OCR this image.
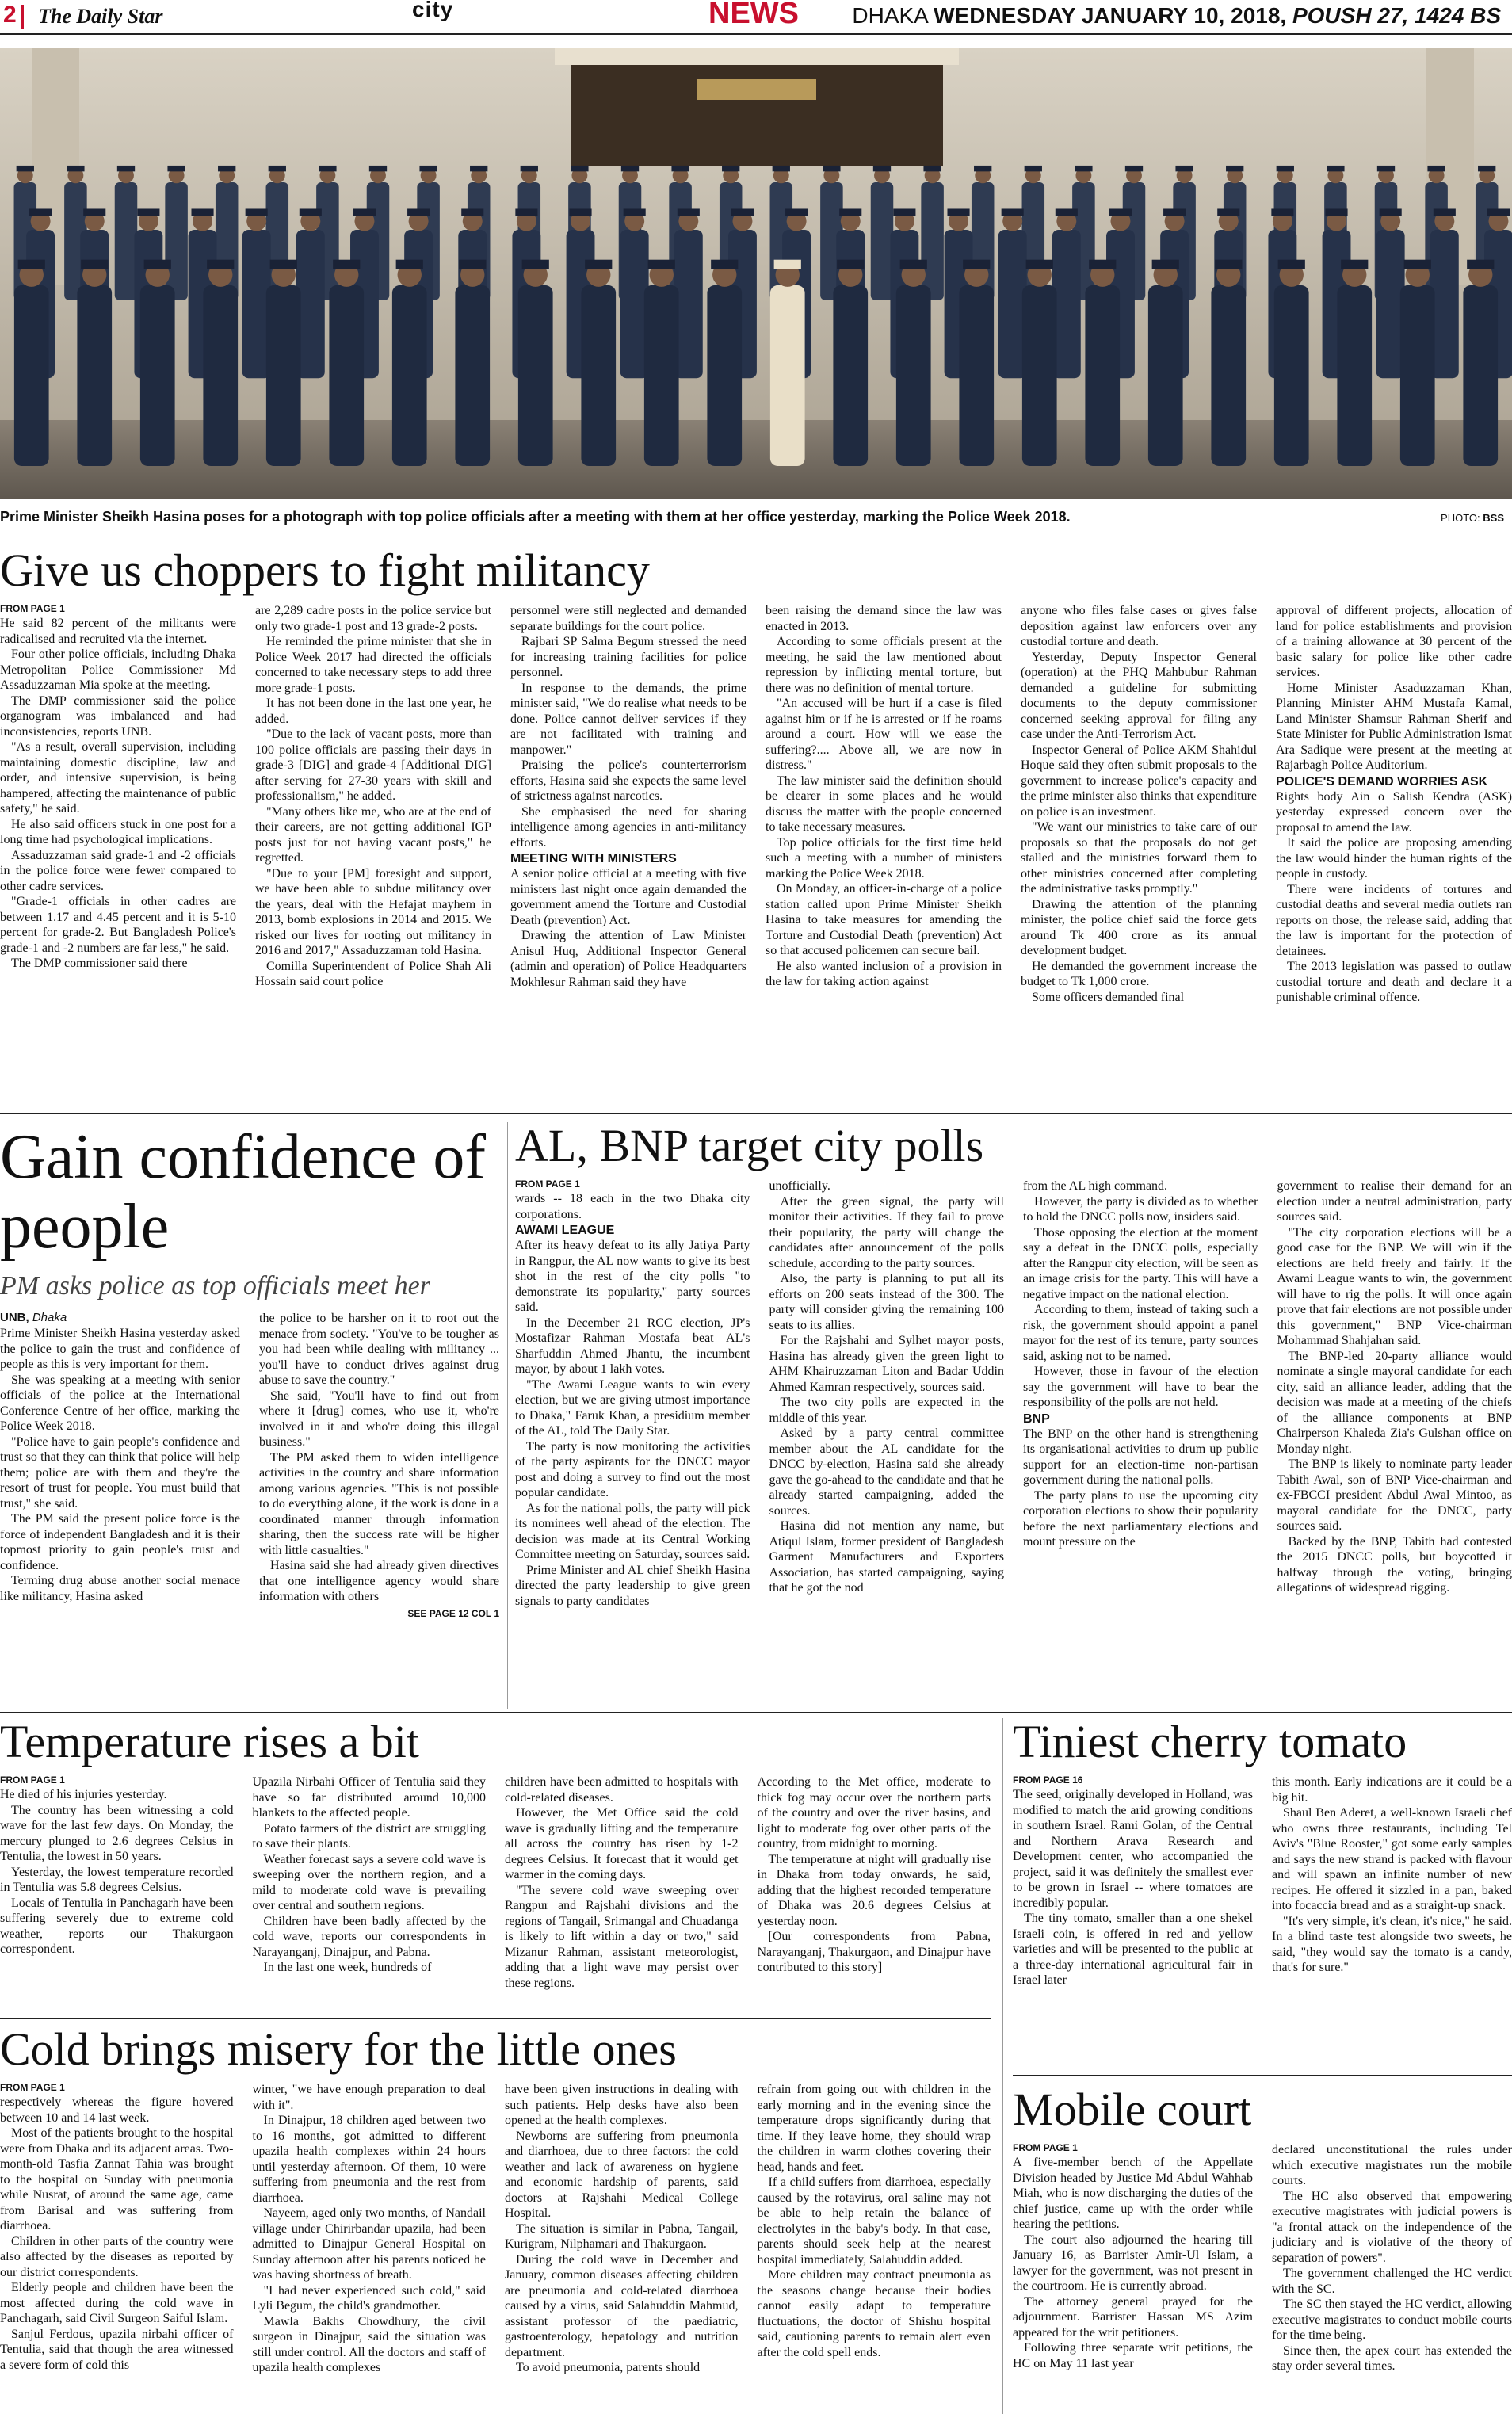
2 The Daily Star	city	NEWS DHAKA WEDNESDAY JANUARY 10, 2018, POUSH 27, 1424 BS
Prime Minister Sheikh Hasina poses for a photograph with top police officials after a meeting with them at her office yesterday, marking the Police Week 2018.	PHOTO: BSS
Give us choppers to fight militancy
FROM PAGE 1

He said 82 percent of the militants were radicalised and recruited via the internet.

Four other police officials, including Dhaka Metropolitan Police Commissioner Md Assaduzzaman Mia spoke at the meeting.

The DMP commissioner said the police organogram was imbalanced and had inconsistencies, reports UNB.

"As a result, overall supervision, including maintaining domestic discipline, law and order, and intensive supervision, is being hampered, affecting the maintenance of public safety," he said.

He also said officers stuck in one post for a long time had psychological implications.

Assaduzzaman said grade-1 and -2 officials in the police force were fewer compared to other cadre services.

"Grade-1 officials in other cadres are between 1.17 and 4.45 percent and it is 5-10 percent for grade-2. But Bangladesh Police's grade-1 and -2 numbers are far less," he said.

The DMP commissioner said there

are 2,289 cadre posts in the police service but only two grade-1 post and 13 grade-2 posts.

He reminded the prime minister that she in Police Week 2017 had directed the officials concerned to take necessary steps to add three more grade-1 posts.

It has not been done in the last one year, he added.

"Due to the lack of vacant posts, more than 100 police officials are passing their days in grade-3 [DIG] and grade-4 [Additional DIG] after serving for 27-30 years with skill and professionalism," he added.

"Many others like me, who are at the end of their careers, are not getting additional IGP posts just for not having vacant posts," he regretted.

"Due to your [PM] foresight and support, we have been able to subdue militancy over the years, deal with the Hefajat mayhem in 2013, bomb explosions in 2014 and 2015. We risked our lives for rooting out militancy in 2016 and 2017," Assaduzzaman told Hasina.

Comilla Superintendent of Police Shah Ali Hossain said court police

personnel were still neglected and demanded separate buildings for the court police.

Rajbari SP Salma Begum stressed the need for increasing training facilities for police personnel.

In response to the demands, the prime minister said, "We do realise what needs to be done. Police cannot deliver services if they are not facilitated with training and manpower."

Praising the police's counterterrorism efforts, Hasina said she expects the same level of strictness against narcotics.

She emphasised the need for sharing intelligence among agencies in anti-militancy efforts.

MEETING WITH MINISTERS

A senior police official at a meeting with five ministers last night once again demanded the government amend the Torture and Custodial Death (prevention) Act.

Drawing the attention of Law Minister Anisul Huq, Additional Inspector General (admin and operation) of Police Headquarters Mokhlesur Rahman said they have

been raising the demand since the law was enacted in 2013.

According to some officials present at the meeting, he said the law mentioned about repression by inflicting mental torture, but there was no definition of mental torture.

"An accused will be hurt if a case is filed against him or if he is arrested or if he roams around a court. How will we ease the suffering?.... Above all, we are now in distress."

The law minister said the definition should be clearer in some places and he would discuss the matter with the people concerned to take necessary measures.

Top police officials for the first time held such a meeting with a number of ministers marking the Police Week 2018.

On Monday, an officer-in-charge of a police station called upon Prime Minister Sheikh Hasina to take measures for amending the Torture and Custodial Death (prevention) Act so that accused policemen can secure bail.

He also wanted inclusion of a provision in the law for taking action against

anyone who files false cases or gives false deposition against law enforcers over any custodial torture and death.

Yesterday, Deputy Inspector General (operation) at the PHQ Mahbubur Rahman demanded a guideline for submitting documents to the deputy commissioner concerned seeking approval for filing any case under the Anti-Terrorism Act.

Inspector General of Police AKM Shahidul Hoque said they often submit proposals to the government to increase police's capacity and the prime minister also thinks that expenditure on police is an investment.

"We want our ministries to take care of our proposals so that the proposals do not get stalled and the ministries forward them to other ministries concerned after completing the administrative tasks promptly."

Drawing the attention of the planning minister, the police chief said the force gets around Tk 400 crore as its annual development budget.

He demanded the government increase the budget to Tk 1,000 crore.

Some officers demanded final

approval of different projects, allocation of land for police establishments and provision of a training allowance at 30 percent of the basic salary for police like other cadre services.

Home Minister Asaduzzaman Khan, Planning Minister AHM Mustafa Kamal, Land Minister Shamsur Rahman Sherif and State Minister for Public Administration Ismat Ara Sadique were present at the meeting at Rajarbagh Police Auditorium.

POLICE'S DEMAND WORRIES ASK

Rights body Ain o Salish Kendra (ASK) yesterday expressed concern over the proposal to amend the law.

It said the police are proposing amending the law would hinder the human rights of the people in custody.

There were incidents of tortures and custodial deaths and several media outlets ran reports on those, the release said, adding that the law is important for the protection of detainees.

The 2013 legislation was passed to outlaw custodial torture and death and declare it a punishable criminal offence.

Gain confidence of people
PM asks police as top officials meet her
UNB, Dhaka

Prime Minister Sheikh Hasina yesterday asked the police to gain the trust and confidence of people as this is very important for them.

She was speaking at a meeting with senior officials of the police at the International Conference Centre of her office, marking the Police Week 2018.

"Police have to gain people's confidence and trust so that they can think that police will help them; police are with them and they're the resort of trust for people. You must build that trust," she said.

The PM said the present police force is the force of independent Bangladesh and it is their topmost priority to gain people's trust and confidence.

Terming drug abuse another social menace like militancy, Hasina asked

the police to be harsher on it to root out the menace from society. "You've to be tougher as you had been while dealing with militancy ... you'll have to conduct drives against drug abuse to save the country."

She said, "You'll have to find out from where it [drug] comes, who use it, who're involved in it and who're doing this illegal business."

The PM asked them to widen intelligence activities in the country and share information among various agencies. "This is not possible to do everything alone, if the work is done in a coordinated manner through information sharing, then the success rate will be higher with little casualties."

Hasina said she had already given directives that one intelligence agency would share information with others

SEE PAGE 12 COL 1
AL, BNP target city polls
FROM PAGE 1

wards -- 18 each in the two Dhaka city corporations.

AWAMI LEAGUE

After its heavy defeat to its ally Jatiya Party in Rangpur, the AL now wants to give its best shot in the rest of the city polls "to demonstrate its popularity," party sources said.

In the December 21 RCC election, JP's Mostafizar Rahman Mostafa beat AL's Sharfuddin Ahmed Jhantu, the incumbent mayor, by about 1 lakh votes.

"The Awami League wants to win every election, but we are giving utmost importance to Dhaka," Faruk Khan, a presidium member of the AL, told The Daily Star.

The party is now monitoring the activities of the party aspirants for the DNCC mayor post and doing a survey to find out the most popular candidate.

As for the national polls, the party will pick its nominees well ahead of the election. The decision was made at its Central Working Committee meeting on Saturday, sources said.

Prime Minister and AL chief Sheikh Hasina directed the party leadership to give green signals to party candidates

unofficially.

After the green signal, the party will monitor their activities. If they fail to prove their popularity, the party will change the candidates after announcement of the polls schedule, according to the party sources.

Also, the party is planning to put all its efforts on 200 seats instead of the 300. The party will consider giving the remaining 100 seats to its allies.

For the Rajshahi and Sylhet mayor posts, Hasina has already given the green light to AHM Khairuzzaman Liton and Badar Uddin Ahmed Kamran respectively, sources said.

The two city polls are expected in the middle of this year.

Asked by a party central committee member about the AL candidate for the DNCC by-election, Hasina said she already gave the go-ahead to the candidate and that he already started campaigning, added the sources.

Hasina did not mention any name, but Atiqul Islam, former president of Bangladesh Garment Manufacturers and Exporters Association, has started campaigning, saying that he got the nod

from the AL high command.

However, the party is divided as to whether to hold the DNCC polls now, insiders said.

Those opposing the election at the moment say a defeat in the DNCC polls, especially after the Rangpur city election, will be seen as an image crisis for the party. This will have a negative impact on the national election.

According to them, instead of taking such a risk, the government should appoint a panel mayor for the rest of its tenure, party sources said, asking not to be named.

However, those in favour of the election say the government will have to bear the responsibility of the polls are not held.

BNP

The BNP on the other hand is strengthening its organisational activities to drum up public support for an election-time non-partisan government during the national polls.

The party plans to use the upcoming city corporation elections to show their popularity before the next parliamentary elections and mount pressure on the

government to realise their demand for an election under a neutral administration, party sources said.

"The city corporation elections will be a good case for the BNP. We will win if the elections are held freely and fairly. If the Awami League wants to win, the government will have to rig the polls. It will once again prove that fair elections are not possible under this government," BNP Vice-chairman Mohammad Shahjahan said.

The BNP-led 20-party alliance would nominate a single mayoral candidate for each city, said an alliance leader, adding that the decision was made at a meeting of the chiefs of the alliance components at BNP Chairperson Khaleda Zia's Gulshan office on Monday night.

The BNP is likely to nominate party leader Tabith Awal, son of BNP Vice-chairman and ex-FBCCI president Abdul Awal Mintoo, as mayoral candidate for the DNCC, party sources said.

Backed by the BNP, Tabith had contested the 2015 DNCC polls, but boycotted it halfway through the voting, bringing allegations of widespread rigging.

Temperature rises a bit
FROM PAGE 1

He died of his injuries yesterday.

The country has been witnessing a cold wave for the last few days. On Monday, the mercury plunged to 2.6 degrees Celsius in Tentulia, the lowest in 50 years.

Yesterday, the lowest temperature recorded in Tentulia was 5.8 degrees Celsius.

Locals of Tentulia in Panchagarh have been suffering severely due to extreme cold weather, reports our Thakurgaon correspondent.

Upazila Nirbahi Officer of Tentulia said they have so far distributed around 10,000 blankets to the affected people.

Potato farmers of the district are struggling to save their plants.

Weather forecast says a severe cold wave is sweeping over the northern region, and a mild to moderate cold wave is prevailing over central and southern regions.

Children have been badly affected by the cold wave, reports our correspondents in Narayanganj, Dinajpur, and Pabna.

In the last one week, hundreds of

children have been admitted to hospitals with cold-related diseases.

However, the Met Office said the cold wave is gradually lifting and the temperature all across the country has risen by 1-2 degrees Celsius. It forecast that it would get warmer in the coming days.

"The severe cold wave sweeping over Rangpur and Rajshahi divisions and the regions of Tangail, Srimangal and Chuadanga is likely to lift within a day or two," said Mizanur Rahman, assistant meteorologist, adding that a light wave may persist over these regions.

According to the Met office, moderate to thick fog may occur over the northern parts of the country and over the river basins, and light to moderate fog over other parts of the country, from midnight to morning.

The temperature at night will gradually rise in Dhaka from today onwards, he said, adding that the highest recorded temperature of Dhaka was 20.6 degrees Celsius at yesterday noon.

[Our correspondents from Pabna, Narayanganj, Thakurgaon, and Dinajpur have contributed to this story]

Tiniest cherry tomato
FROM PAGE 16

The seed, originally developed in Holland, was modified to match the arid growing conditions in southern Israel. Rami Golan, of the Central and Northern Arava Research and Development center, who accompanied the project, said it was definitely the smallest ever to be grown in Israel -- where tomatoes are incredibly popular.

The tiny tomato, smaller than a one shekel Israeli coin, is offered in red and yellow varieties and will be presented to the public at a three-day international agricultural fair in Israel later

this month. Early indications are it could be a big hit.

Shaul Ben Aderet, a well-known Israeli chef who owns three restaurants, including Tel Aviv's "Blue Rooster," got some early samples and says the new strand is packed with flavour and will spawn an infinite number of new recipes. He offered it sizzled in a pan, baked into focaccia bread and as a straight-up snack.

"It's very simple, it's clean, it's nice," he said. In a blind taste test alongside two sweets, he said, "they would say the tomato is a candy, that's for sure."

Cold brings misery for the little ones
FROM PAGE 1

respectively whereas the figure hovered between 10 and 14 last week.

Most of the patients brought to the hospital were from Dhaka and its adjacent areas. Two-month-old Tasfia Zannat Tahia was brought to the hospital on Sunday with pneumonia while Nusrat, of around the same age, came from Barisal and was suffering from diarrhoea.

Children in other parts of the country were also affected by the diseases as reported by our district correspondents.

Elderly people and children have been the most affected during the cold wave in Panchagarh, said Civil Surgeon Saiful Islam.

Sanjul Ferdous, upazila nirbahi officer of Tentulia, said that though the area witnessed a severe form of cold this

winter, "we have enough preparation to deal with it".

In Dinajpur, 18 children aged between two to 16 months, got admitted to different upazila health complexes within 24 hours until yesterday afternoon. Of them, 10 were suffering from pneumonia and the rest from diarrhoea.

Nayeem, aged only two months, of Nandail village under Chirirbandar upazila, had been admitted to Dinajpur General Hospital on Sunday afternoon after his parents noticed he was having shortness of breath.

"I had never experienced such cold," said Lyli Begum, the child's grandmother.

Mawla Bakhs Chowdhury, the civil surgeon in Dinajpur, said the situation was still under control. All the doctors and staff of upazila health complexes

have been given instructions in dealing with such patients. Help desks have also been opened at the health complexes.

Newborns are suffering from pneumonia and diarrhoea, due to three factors: the cold weather and lack of awareness on hygiene and economic hardship of parents, said doctors at Rajshahi Medical College Hospital.

The situation is similar in Pabna, Tangail, Kurigram, Nilphamari and Thakurgaon.

During the cold wave in December and January, common diseases affecting children are pneumonia and cold-related diarrhoea caused by a virus, said Salahuddin Mahmud, assistant professor of the paediatric, gastroenterology, hepatology and nutrition department.

To avoid pneumonia, parents should

refrain from going out with children in the early morning and in the evening since the temperature drops significantly during that time. If they leave home, they should wrap the children in warm clothes covering their head, hands and feet.

If a child suffers from diarrhoea, especially caused by the rotavirus, oral saline may not be able to help retain the balance of electrolytes in the baby's body. In that case, parents should seek help at the nearest hospital immediately, Salahuddin added.

More children may contract pneumonia as the seasons change because their bodies cannot easily adapt to temperature fluctuations, the doctor of Shishu hospital said, cautioning parents to remain alert even after the cold spell ends.

Mobile court
FROM PAGE 1

A five-member bench of the Appellate Division headed by Justice Md Abdul Wahhab Miah, who is now discharging the duties of the chief justice, came up with the order while hearing the petitions.

The court also adjourned the hearing till January 16, as Barrister Amir-Ul Islam, a lawyer for the government, was not present in the courtroom. He is currently abroad.

The attorney general prayed for the adjournment. Barrister Hassan MS Azim appeared for the writ petitioners.

Following three separate writ petitions, the HC on May 11 last year

declared unconstitutional the rules under which executive magistrates run the mobile courts.

The HC also observed that empowering executive magistrates with judicial powers is "a frontal attack on the independence of the judiciary and is violative of the theory of separation of powers".

The government challenged the HC verdict with the SC.

The SC then stayed the HC verdict, allowing executive magistrates to conduct mobile courts for the time being.

Since then, the apex court has extended the stay order several times.
